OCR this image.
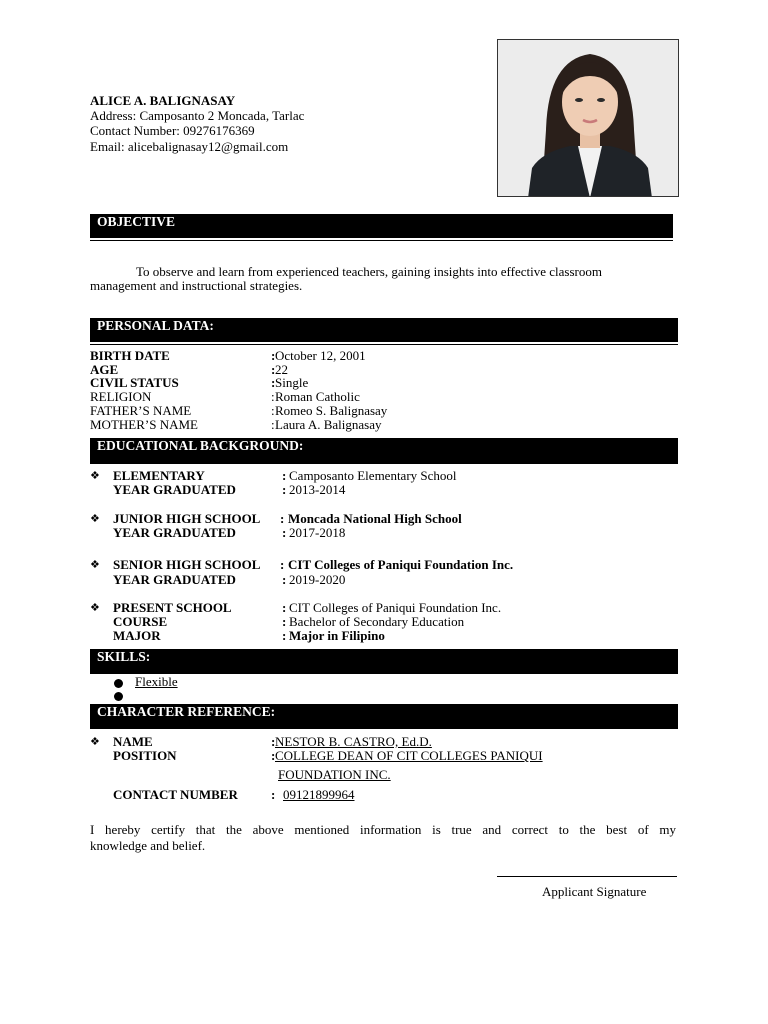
ALICE A. BALIGNASAY
Address: Camposanto 2 Moncada, Tarlac
Contact Number: 09276176369
Email: alicebalignasay12@gmail.com
OBJECTIVE
To observe and learn from experienced teachers, gaining insights into effective classroom
management and instructional strategies.
PERSONAL DATA:
BIRTH DATE	: October 12, 2001
AGE	: 22
CIVIL STATUS	: Single
RELIGION	: Roman Catholic
FATHER’S NAME	: Romeo S. Balignasay
MOTHER’S NAME	: Laura A. Balignasay
EDUCATIONAL BACKGROUND:
❖ ELEMENTARY	: Camposanto Elementary School
YEAR GRADUATED	: 2013-2014
❖ JUNIOR HIGH SCHOOL : Moncada National High School
YEAR GRADUATED	: 2017-2018
❖ SENIOR HIGH SCHOOL : CIT Colleges of Paniqui Foundation Inc.
YEAR GRADUATED	: 2019-2020
❖ PRESENT SCHOOL	: CIT Colleges of Paniqui Foundation Inc.
COURSE	: Bachelor of Secondary Education
MAJOR	: Major in Filipino
SKILLS:
Flexible
CHARACTER REFERENCE:
❖ NAME	: NESTOR B. CASTRO, Ed.D.
POSITION	: COLLEGE DEAN OF CIT COLLEGES PANIQUI
FOUNDATION INC.
CONTACT NUMBER	: 09121899964
I hereby certify that the above mentioned information is true and correct to the best of my
knowledge and belief.
Applicant Signature
